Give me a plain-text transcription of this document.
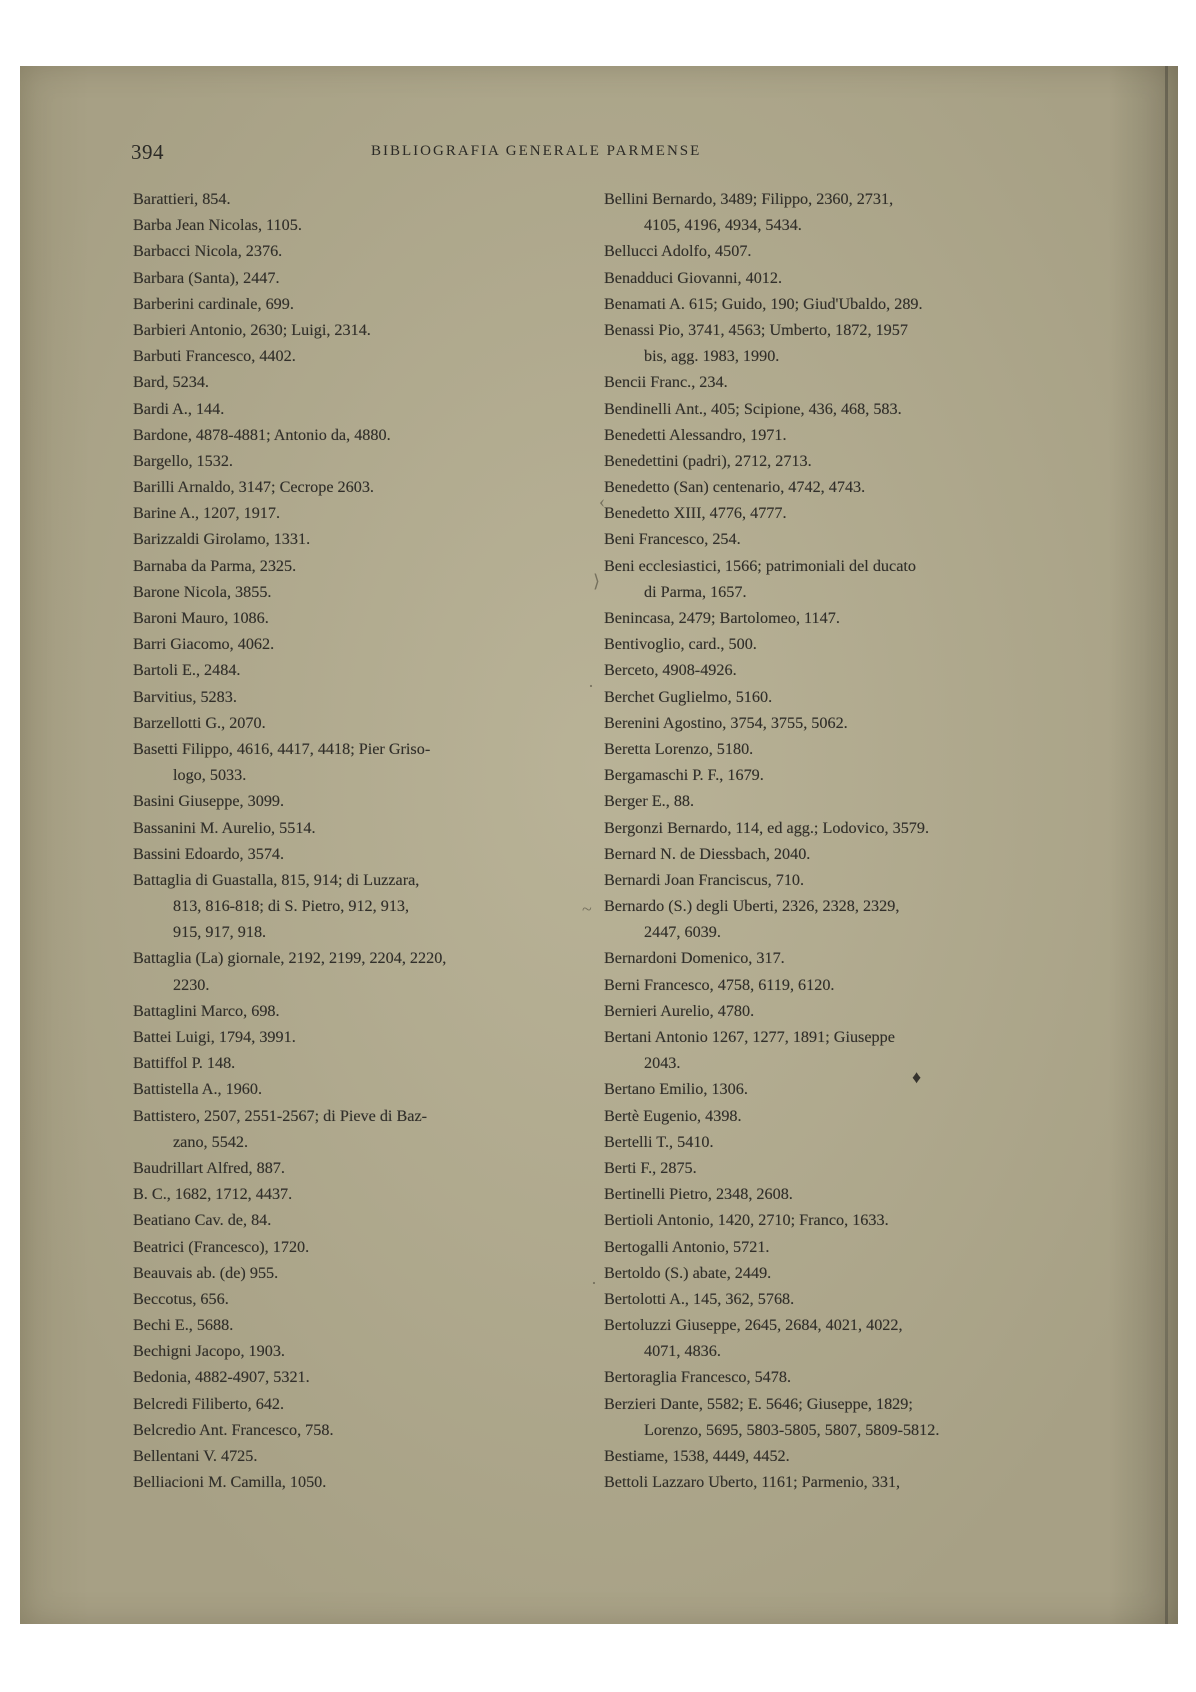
394	BIBLIOGRAFIA GENERALE PARMENSE
Barattieri, 854.
Barba Jean Nicolas, 1105.
Barbacci Nicola, 2376.
Barbara (Santa), 2447.
Barberini cardinale, 699.
Barbieri Antonio, 2630; Luigi, 2314.
Barbuti Francesco, 4402.
Bard, 5234.
Bardi A., 144.
Bardone, 4878-4881; Antonio da, 4880.
Bargello, 1532.
Barilli Arnaldo, 3147; Cecrope 2603.
Barine A., 1207, 1917.
Barizzaldi Girolamo, 1331.
Barnaba da Parma, 2325.
Barone Nicola, 3855.
Baroni Mauro, 1086.
Barri Giacomo, 4062.
Bartoli E., 2484.
Barvitius, 5283.
Barzellotti G., 2070.
Basetti Filippo, 4616, 4417, 4418; Pier Griso-
logo, 5033.
Basini Giuseppe, 3099.
Bassanini M. Aurelio, 5514.
Bassini Edoardo, 3574.
Battaglia di Guastalla, 815, 914; di Luzzara,
813, 816-818; di S. Pietro, 912, 913,
915, 917, 918.
Battaglia (La) giornale, 2192, 2199, 2204, 2220,
2230.
Battaglini Marco, 698.
Battei Luigi, 1794, 3991.
Battiffol P. 148.
Battistella A., 1960.
Battistero, 2507, 2551-2567; di Pieve di Baz-
zano, 5542.
Baudrillart Alfred, 887.
B. C., 1682, 1712, 4437.
Beatiano Cav. de, 84.
Beatrici (Francesco), 1720.
Beauvais ab. (de) 955.
Beccotus, 656.
Bechi E., 5688.
Bechigni Jacopo, 1903.
Bedonia, 4882-4907, 5321.
Belcredi Filiberto, 642.
Belcredio Ant. Francesco, 758.
Bellentani V. 4725.
Belliacioni M. Camilla, 1050.
Bellini Bernardo, 3489; Filippo, 2360, 2731,
4105, 4196, 4934, 5434.
Bellucci Adolfo, 4507.
Benadduci Giovanni, 4012.
Benamati A. 615; Guido, 190; Giud'Ubaldo, 289.
Benassi Pio, 3741, 4563; Umberto, 1872, 1957
bis, agg. 1983, 1990.
Bencii Franc., 234.
Bendinelli Ant., 405; Scipione, 436, 468, 583.
Benedetti Alessandro, 1971.
Benedettini (padri), 2712, 2713.
Benedetto (San) centenario, 4742, 4743.
Benedetto XIII, 4776, 4777.
Beni Francesco, 254.
Beni ecclesiastici, 1566; patrimoniali del ducato
di Parma, 1657.
Benincasa, 2479; Bartolomeo, 1147.
Bentivoglio, card., 500.
Berceto, 4908-4926.
Berchet Guglielmo, 5160.
Berenini Agostino, 3754, 3755, 5062.
Beretta Lorenzo, 5180.
Bergamaschi P. F., 1679.
Berger E., 88.
Bergonzi Bernardo, 114, ed agg.; Lodovico, 3579.
Bernard N. de Diessbach, 2040.
Bernardi Joan Franciscus, 710.
Bernardo (S.) degli Uberti, 2326, 2328, 2329,
2447, 6039.
Bernardoni Domenico, 317.
Berni Francesco, 4758, 6119, 6120.
Bernieri Aurelio, 4780.
Bertani Antonio 1267, 1277, 1891; Giuseppe
2043.
Bertano Emilio, 1306.
Bertè Eugenio, 4398.
Bertelli T., 5410.
Berti F., 2875.
Bertinelli Pietro, 2348, 2608.
Bertioli Antonio, 1420, 2710; Franco, 1633.
Bertogalli Antonio, 5721.
Bertoldo (S.) abate, 2449.
Bertolotti A., 145, 362, 5768.
Bertoluzzi Giuseppe, 2645, 2684, 4021, 4022,
4071, 4836.
Bertoraglia Francesco, 5478.
Berzieri Dante, 5582; E. 5646; Giuseppe, 1829;
Lorenzo, 5695, 5803-5805, 5807, 5809-5812.
Bestiame, 1538, 4449, 4452.
Bettoli Lazzaro Uberto, 1161; Parmenio, 331,
‹
⟩
·
~
·
♦
